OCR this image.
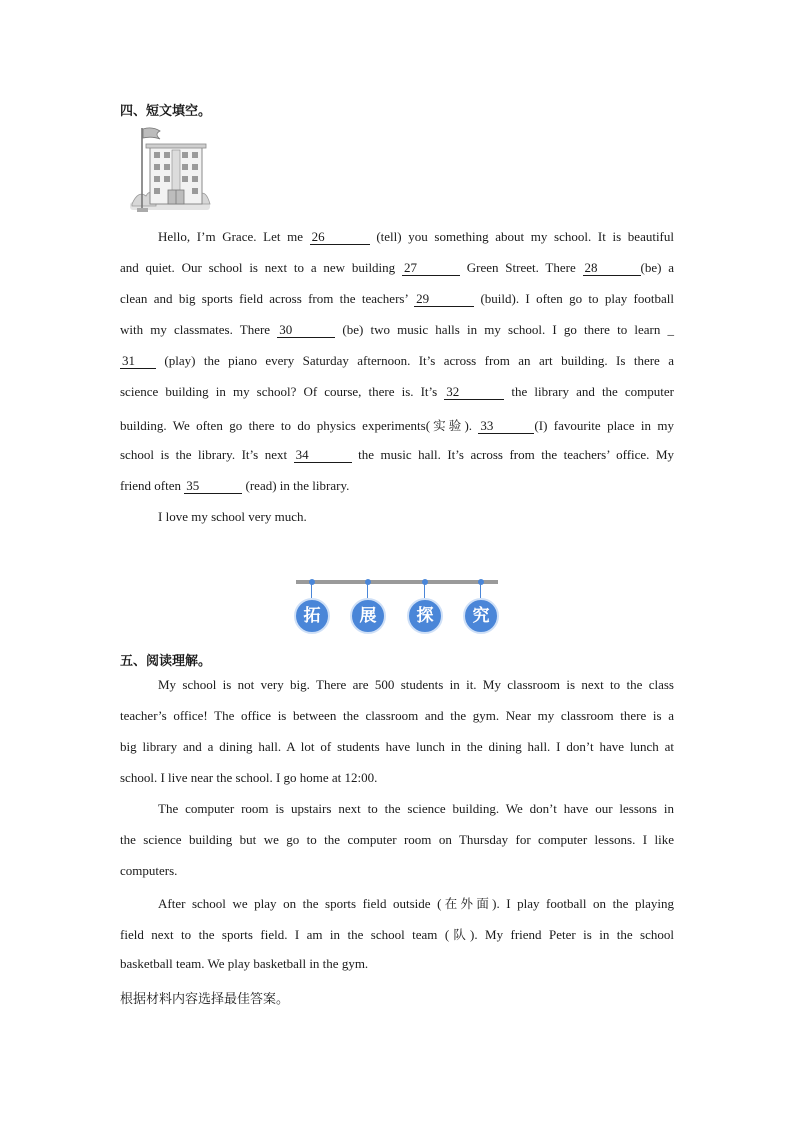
四、短文填空。
Hello, I’m Grace. Let me 26	(tell) you something about my school. It is beautiful
and quiet. Our school is next to a new building 27	Green Street. There 28	(be) a
clean and big sports field across from the teachers’ 29	(build). I often go to play football
with my classmates. There 30	(be) two music halls in my school. I go there to learn _
31 (play) the piano every Saturday afternoon. It’s across from an art building. Is there a
science building in my school? Of course, there is. It’s 32	the library and the computer
building. We often go there to do physics experiments(实验). 33	(I) favourite place in my
school is the library. It’s next 34	the music hall. It’s across from the teachers’ office. My
friend often 35	(read) in the library.
I love my school very much.
拓	展	探	究
五、阅读理解。
My school is not very big. There are 500 students in it. My classroom is next to the class
teacher’s office! The office is between the classroom and the gym. Near my classroom there is a
big library and a dining hall. A lot of students have lunch in the dining hall. I don’t have lunch at
school. I live near the school. I go home at 12:00.
The computer room is upstairs next to the science building. We don’t have our lessons in
the science building but we go to the computer room on Thursday for computer lessons. I like
computers.
After school we play on the sports field outside (在外面). I play football on the playing
field next to the sports field. I am in the school team (队). My friend Peter is in the school
basketball team. We play basketball in the gym.
根据材料内容选择最佳答案。
